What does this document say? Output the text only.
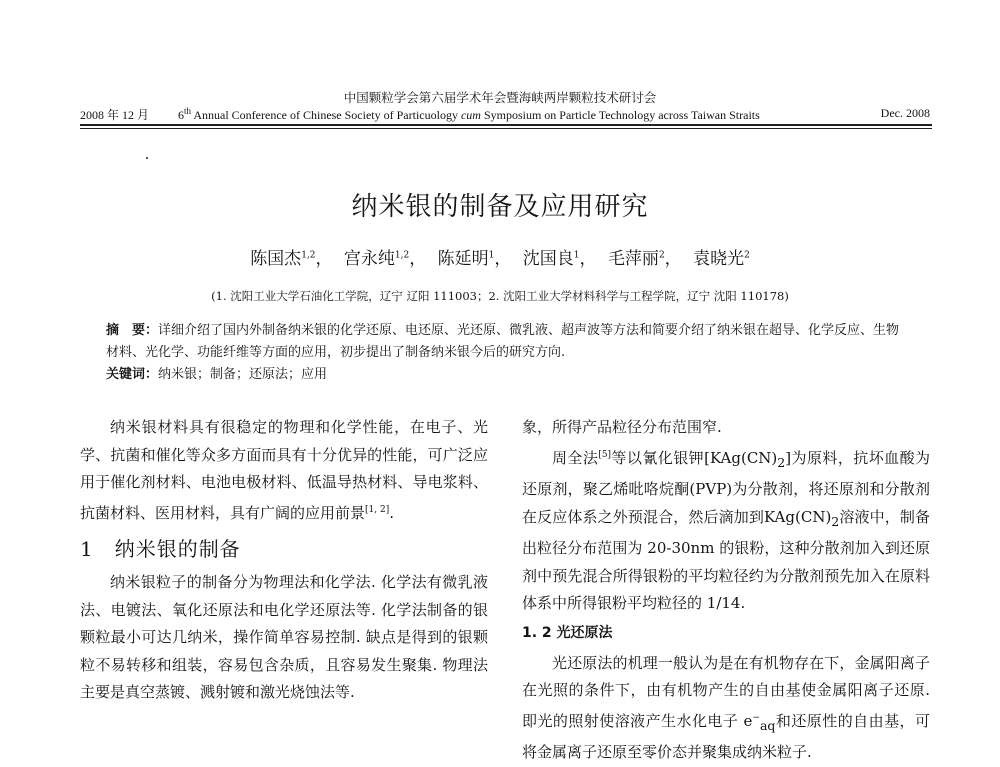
中国颗粒学会第六届学术年会暨海峡两岸颗粒技术研讨会
2008 年 12 月 6th Annual Conference of Chinese Society of Particuology cum Symposium on Particle Technology across Taiwan Straits	Dec. 2008
纳米银的制备及应用研究
陈国杰$^{1,2}$， 宫永纯$^{1,2}$， 陈延明$^1$， 沈国良$^1$， 毛萍丽$^2$， 袁晓光$^2$
(1. 沈阳工业大学石油化工学院，辽宁 辽阳 111003；2. 沈阳工业大学材料科学与工程学院，辽宁 沈阳 110178)
摘　要：详细介绍了国内外制备纳米银的化学还原、电还原、光还原、微乳液、超声波等方法和简要介绍了纳米银在超导、化学反应、生物材料、光化学、功能纤维等方面的应用，初步提出了制备纳米银今后的研究方向.
关键词：纳米银；制备；还原法；应用

纳米银材料具有很稳定的物理和化学性能，在电子、光学、抗菌和催化等众多方面而具有十分优异的性能，可广泛应用于催化剂材料、电池电极材料、低温导热材料、导电浆料、抗菌材料、医用材料，具有广阔的应用前景[1, 2].

1　纳米银的制备

纳米银粒子的制备分为物理法和化学法. 化学法有微乳液法、电镀法、氧化还原法和电化学还原法等. 化学法制备的银颗粒最小可达几纳米，操作简单容易控制. 缺点是得到的银颗粒不易转移和组装，容易包含杂质，且容易发生聚集. 物理法主要是真空蒸镀、溅射镀和激光烧蚀法等.

象，所得产品粒径分布范围窄.

周全法[5]等以氰化银钾$[KAg(CN)_2]$为原料，抗坏血酸为还原剂，聚乙烯吡咯烷酮(PVP)为分散剂，将还原剂和分散剂在反应体系之外预混合，然后滴加到$KAg(CN)_2$溶液中，制备出粒径分布范围为 20-30nm 的银粉，这种分散剂加入到还原剂中预先混合所得银粉的平均粒径约为分散剂预先加入在原料体系中所得银粉平均粒径的 1/14.

1. 2 光还原法

光还原法的机理一般认为是在有机物存在下，金属阳离子在光照的条件下，由有机物产生的自由基使金属阳离子还原. 即光的照射使溶液产生水化电子 $e^-_{aq}$和还原性的自由基，可将金属离子还原至零价态并聚集成纳米粒子.
